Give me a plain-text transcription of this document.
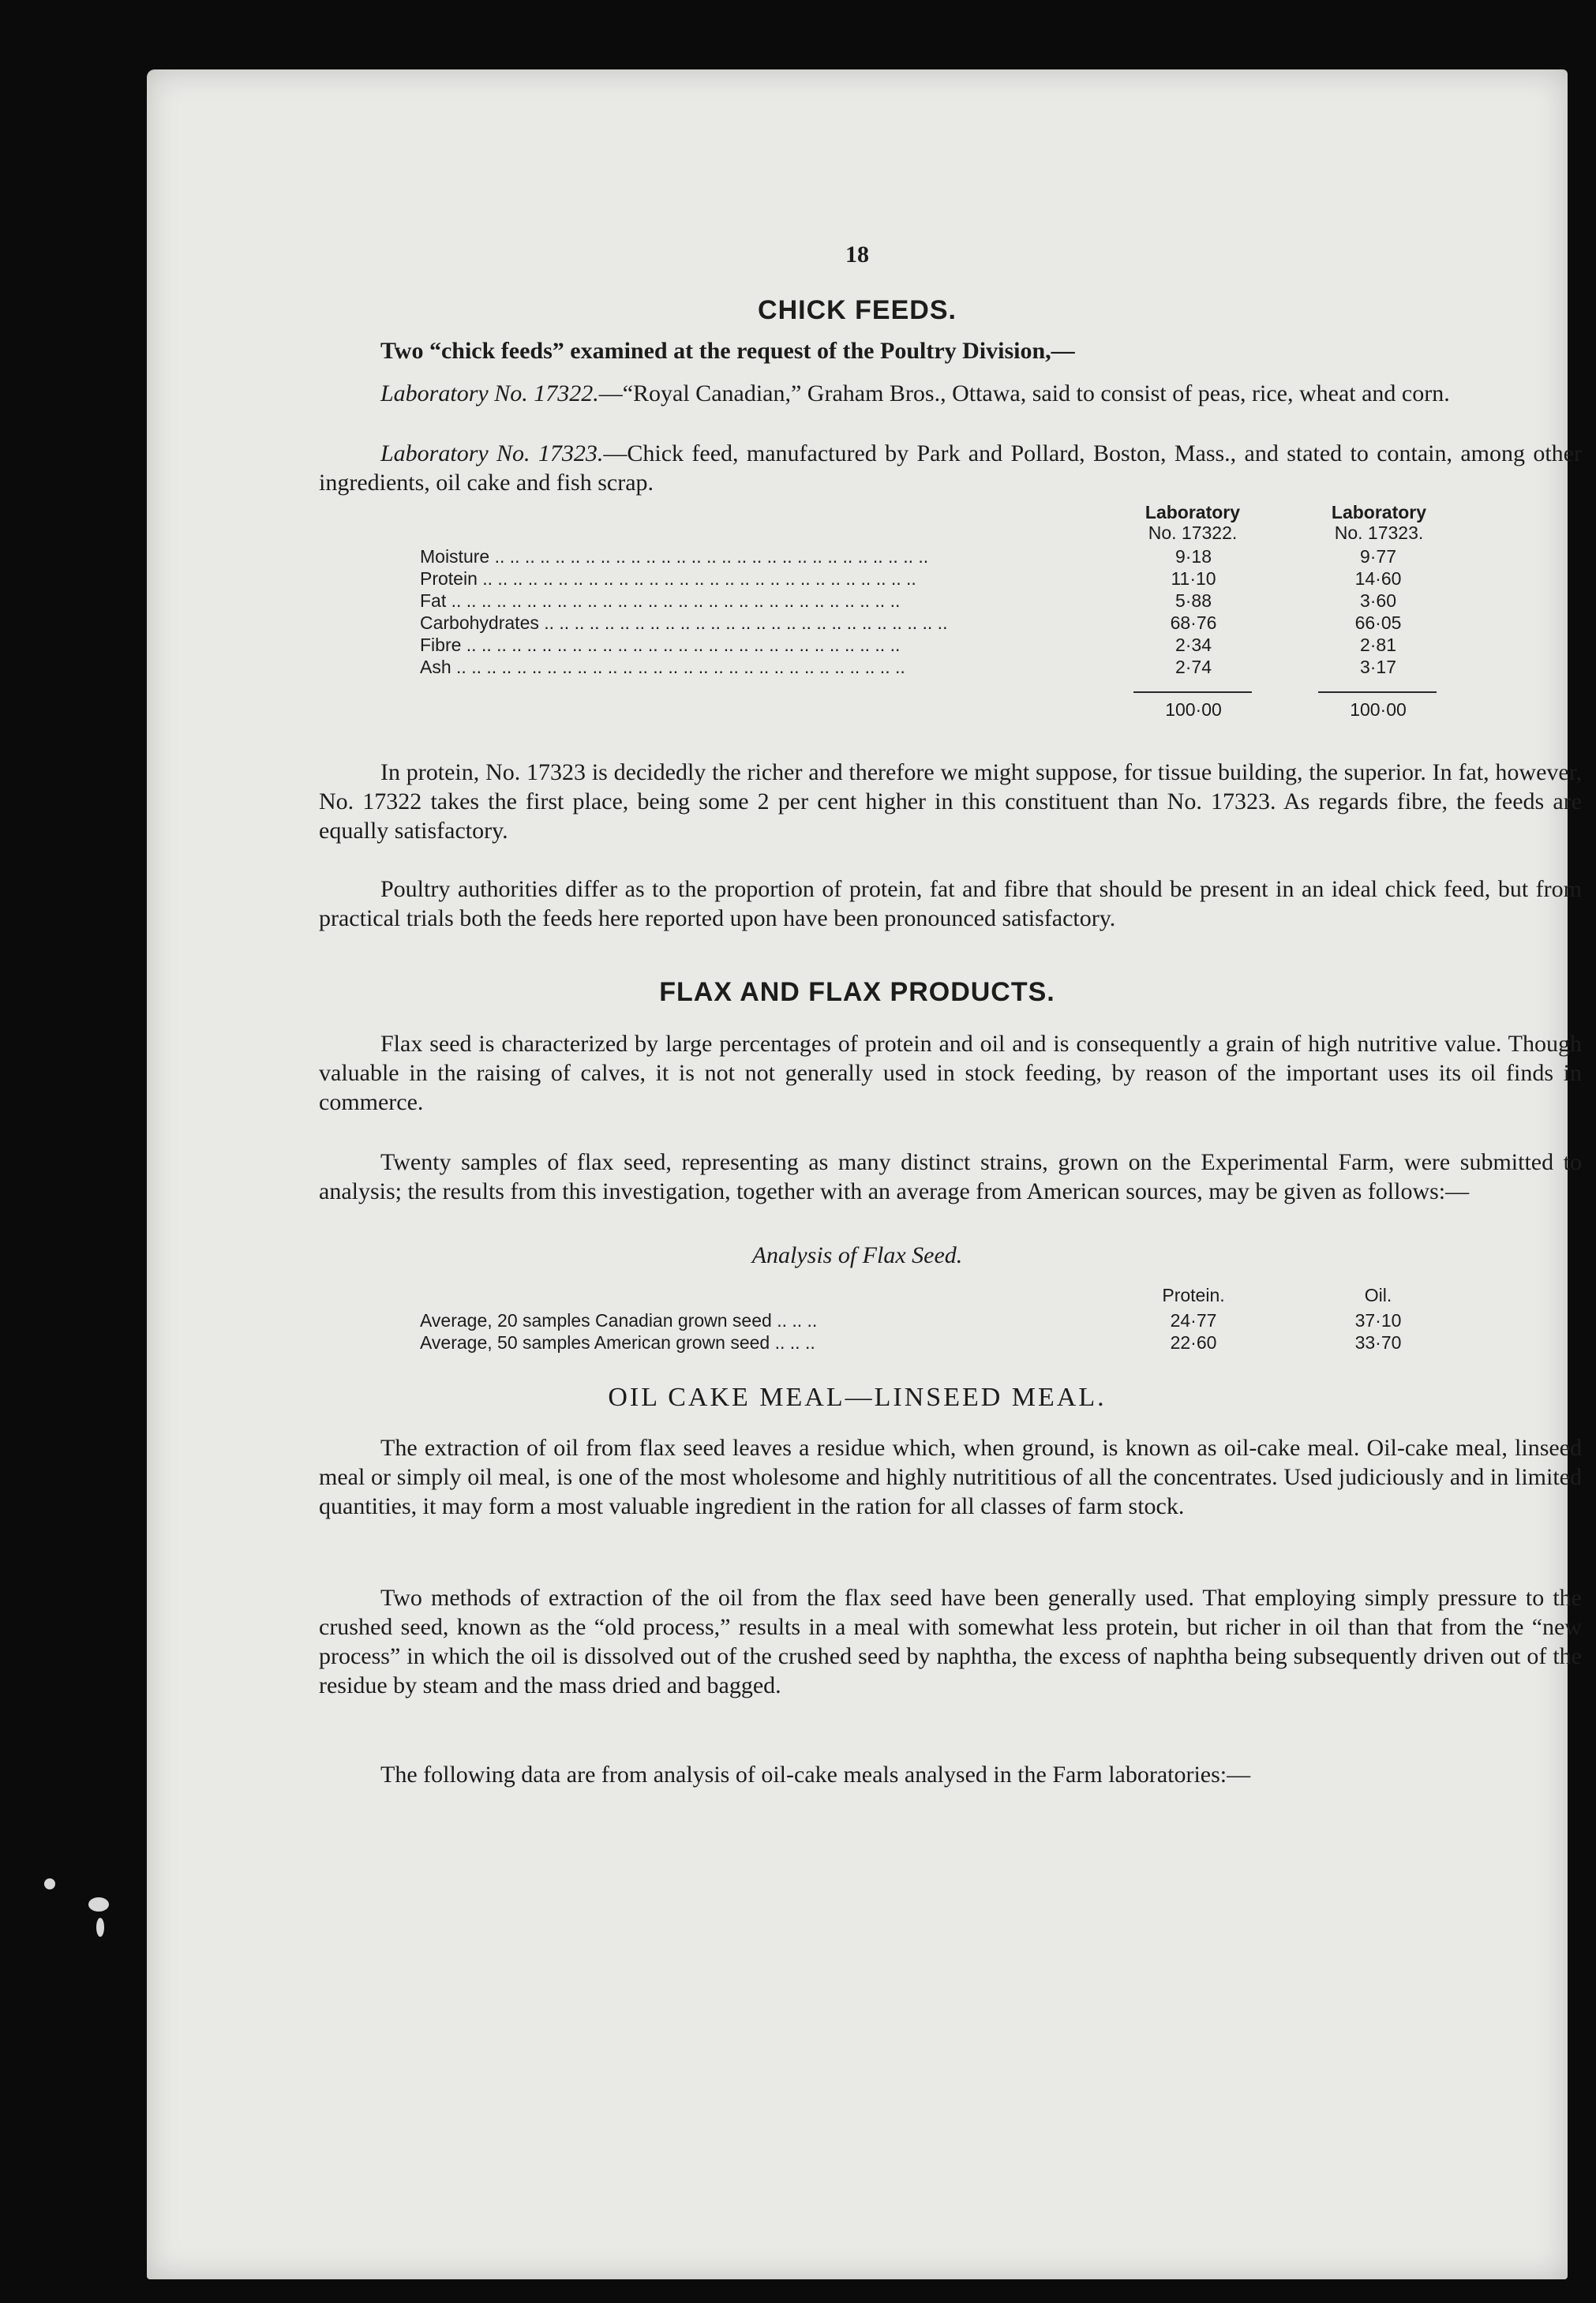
18
CHICK FEEDS.

Two “chick feeds” examined at the request of the Poultry Division,—

Laboratory No. 17322.—“Royal Canadian,” Graham Bros., Ottawa, said to consist of peas, rice, wheat and corn.

Laboratory No. 17323.—Chick feed, manufactured by Park and Pollard, Boston, Mass., and stated to contain, among other ingredients, oil cake and fish scrap.

Laboratory
No. 17322.
Laboratory
No. 17323.
Moisture .. .. .. .. .. .. .. .. .. .. .. .. .. .. .. .. .. .. .. .. .. .. .. .. .. .. .. .. ..	9·18	9·77
Protein .. .. .. .. .. .. .. .. .. .. .. .. .. .. .. .. .. .. .. .. .. .. .. .. .. .. .. .. ..	11·10	14·60
Fat .. .. .. .. .. .. .. .. .. .. .. .. .. .. .. .. .. .. .. .. .. .. .. .. .. .. .. .. .. ..	5·88	3·60
Carbohydrates .. .. .. .. .. .. .. .. .. .. .. .. .. .. .. .. .. .. .. .. .. .. .. .. .. .. ..	68·76	66·05
Fibre .. .. .. .. .. .. .. .. .. .. .. .. .. .. .. .. .. .. .. .. .. .. .. .. .. .. .. .. ..	2·34	2·81
Ash .. .. .. .. .. .. .. .. .. .. .. .. .. .. .. .. .. .. .. .. .. .. .. .. .. .. .. .. .. ..	2·74	3·17
100·00	100·00

In protein, No. 17323 is decidedly the richer and therefore we might suppose, for tissue building, the superior. In fat, however, No. 17322 takes the first place, being some 2 per cent higher in this constituent than No. 17323. As regards fibre, the feeds are equally satisfactory.

Poultry authorities differ as to the proportion of protein, fat and fibre that should be present in an ideal chick feed, but from practical trials both the feeds here reported upon have been pronounced satisfactory.

FLAX AND FLAX PRODUCTS.

Flax seed is characterized by large percentages of protein and oil and is consequently a grain of high nutritive value. Though valuable in the raising of calves, it is not not generally used in stock feeding, by reason of the important uses its oil finds in commerce.

Twenty samples of flax seed, representing as many distinct strains, grown on the Experimental Farm, were submitted to analysis; the results from this investigation, together with an average from American sources, may be given as follows:—

Analysis of Flax Seed.
Protein.	Oil.
Average, 20 samples Canadian grown seed .. .. ..	24·77	37·10
Average, 50 samples American grown seed .. .. ..	22·60	33·70
OIL CAKE MEAL—LINSEED MEAL.

The extraction of oil from flax seed leaves a residue which, when ground, is known as oil-cake meal. Oil-cake meal, linseed meal or simply oil meal, is one of the most wholesome and highly nutrititious of all the concentrates. Used judiciously and in limited quantities, it may form a most valuable ingredient in the ration for all classes of farm stock.

Two methods of extraction of the oil from the flax seed have been generally used. That employing simply pressure to the crushed seed, known as the “old process,” results in a meal with somewhat less protein, but richer in oil than that from the “new process” in which the oil is dissolved out of the crushed seed by naphtha, the excess of naphtha being subsequently driven out of the residue by steam and the mass dried and bagged.

The following data are from analysis of oil-cake meals analysed in the Farm laboratories:—
